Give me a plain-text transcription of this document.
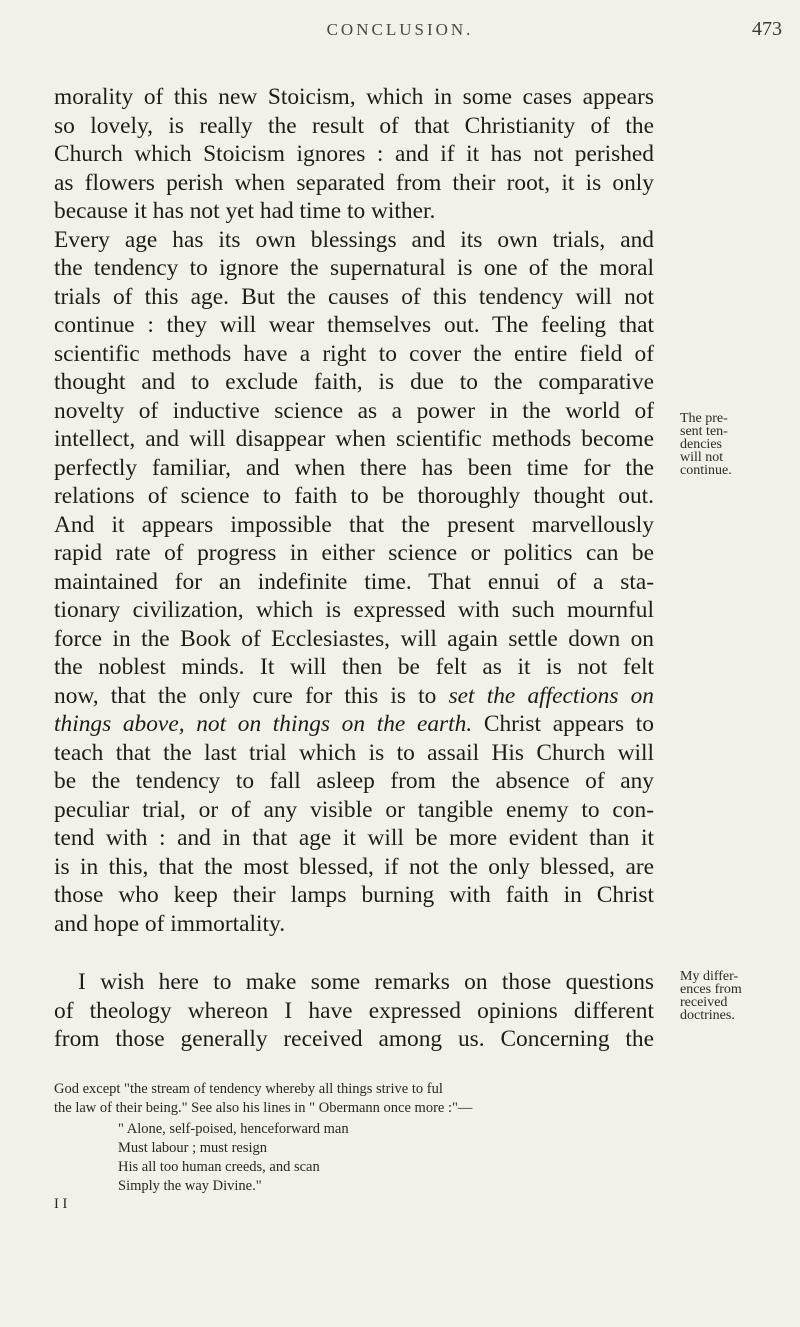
CONCLUSION.	473
morality of this new Stoicism, which in some cases appears
so lovely, is really the result of that Christianity of the
Church which Stoicism ignores : and if it has not perished
as flowers perish when separated from their root, it is only
because it has not yet had time to wither.
Every age has its own blessings and its own trials, and
the tendency to ignore the supernatural is one of the moral
trials of this age. But the causes of this tendency will not
continue : they will wear themselves out. The feeling that
scientific methods have a right to cover the entire field of
thought and to exclude faith, is due to the comparative
novelty of inductive science as a power in the world of
intellect, and will disappear when scientific methods become
perfectly familiar, and when there has been time for the
relations of science to faith to be thoroughly thought out.
And it appears impossible that the present marvellously
rapid rate of progress in either science or politics can be
maintained for an indefinite time. That ennui of a sta-
tionary civilization, which is expressed with such mournful
force in the Book of Ecclesiastes, will again settle down on
the noblest minds. It will then be felt as it is not felt
now, that the only cure for this is to set the affections on
things above, not on things on the earth. Christ appears to
teach that the last trial which is to assail His Church will
be the tendency to fall asleep from the absence of any
peculiar trial, or of any visible or tangible enemy to con-
tend with : and in that age it will be more evident than it
is in this, that the most blessed, if not the only blessed, are
those who keep their lamps burning with faith in Christ
and hope of immortality.
I wish here to make some remarks on those questions
of theology whereon I have expressed opinions different
from those generally received among us. Concerning the
The pre-
sent ten-
dencies
will not
continue.
My differ-
ences from
received
doctrines.
God except "the stream of tendency whereby all things strive to ful
the law of their being." See also his lines in " Obermann once more :"—
" Alone, self-poised, henceforward man
Must labour ; must resign
His all too human creeds, and scan
Simply the way Divine."
I I
